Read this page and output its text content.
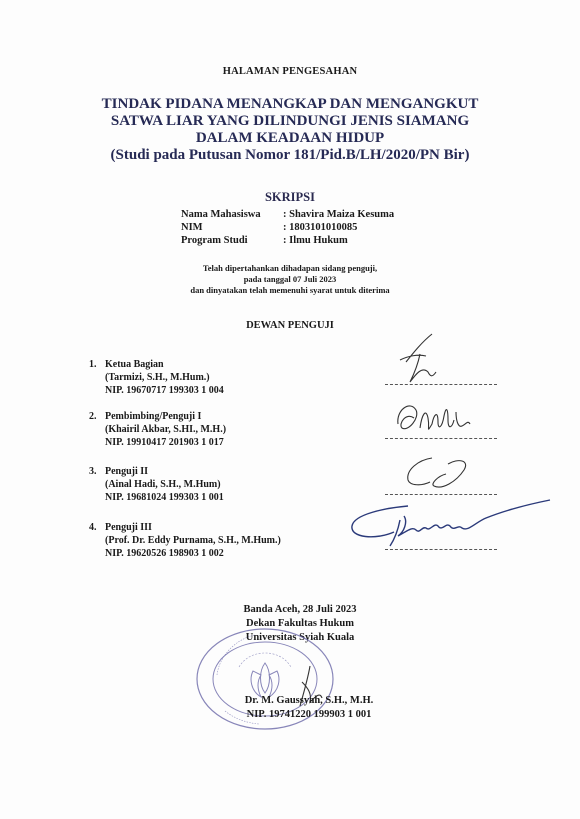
HALAMAN PENGESAHAN
TINDAK PIDANA MENANGKAP DAN MENGANGKUT
SATWA LIAR YANG DILINDUNGI JENIS SIAMANG
DALAM KEADAAN HIDUP
(Studi pada Putusan Nomor 181/Pid.B/LH/2020/PN Bir)
SKRIPSI
Nama Mahasiswa : Shavira Maiza Kesuma
NIM	: 1803101010085
Program Studi	: Ilmu Hukum
Telah dipertahankan dihadapan sidang penguji,
pada tanggal 07 Juli 2023
dan dinyatakan telah memenuhi syarat untuk diterima
DEWAN PENGUJI
1. Ketua Bagian
(Tarmizi, S.H., M.Hum.)
NIP. 19670717 199303 1 004
2. Pembimbing/Penguji I
(Khairil Akbar, S.HI., M.H.)
NIP. 19910417 201903 1 017
3. Penguji II
(Ainal Hadi, S.H., M.Hum)
NIP. 19681024 199303 1 001
4. Penguji III
(Prof. Dr. Eddy Purnama, S.H., M.Hum.)
NIP. 19620526 198903 1 002
Banda Aceh, 28 Juli 2023
Dekan Fakultas Hukum
Universitas Syiah Kuala
Dr. M. Gaussyah, S.H., M.H.
NIP. 19741220 199903 1 001
